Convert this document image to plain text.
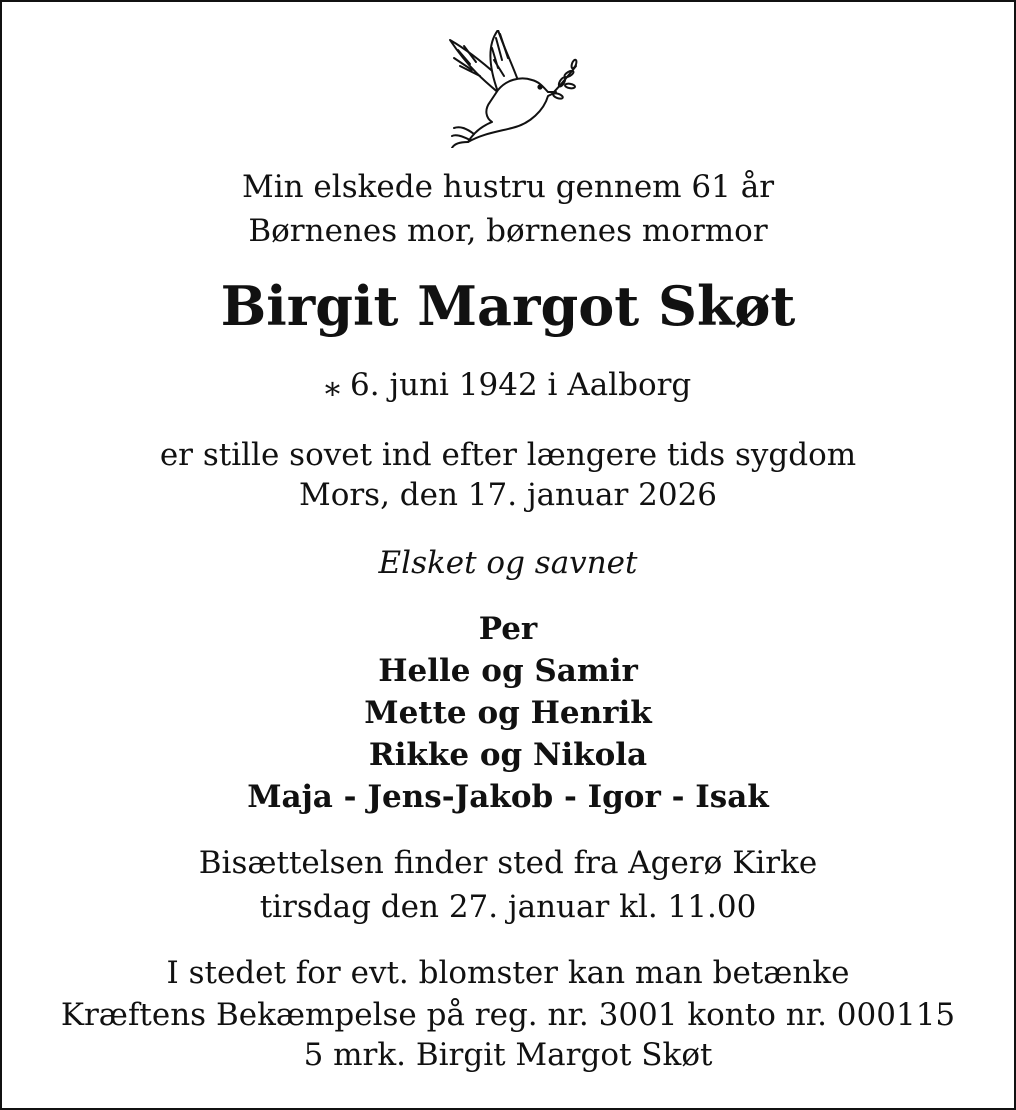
Min elskede hustru gennem 61 år
Børnenes mor, børnenes mormor
Birgit Margot Skøt
⁎ 6. juni 1942 i Aalborg
er stille sovet ind efter længere tids sygdom
Mors, den 17. januar 2026
Elsket og savnet
Per
Helle og Samir
Mette og Henrik
Rikke og Nikola
Maja - Jens-Jakob - Igor - Isak
Bisættelsen finder sted fra Agerø Kirke
tirsdag den 27. januar kl. 11.00
I stedet for evt. blomster kan man betænke
Kræftens Bekæmpelse på reg. nr. 3001 konto nr. 000115
5 mrk. Birgit Margot Skøt
